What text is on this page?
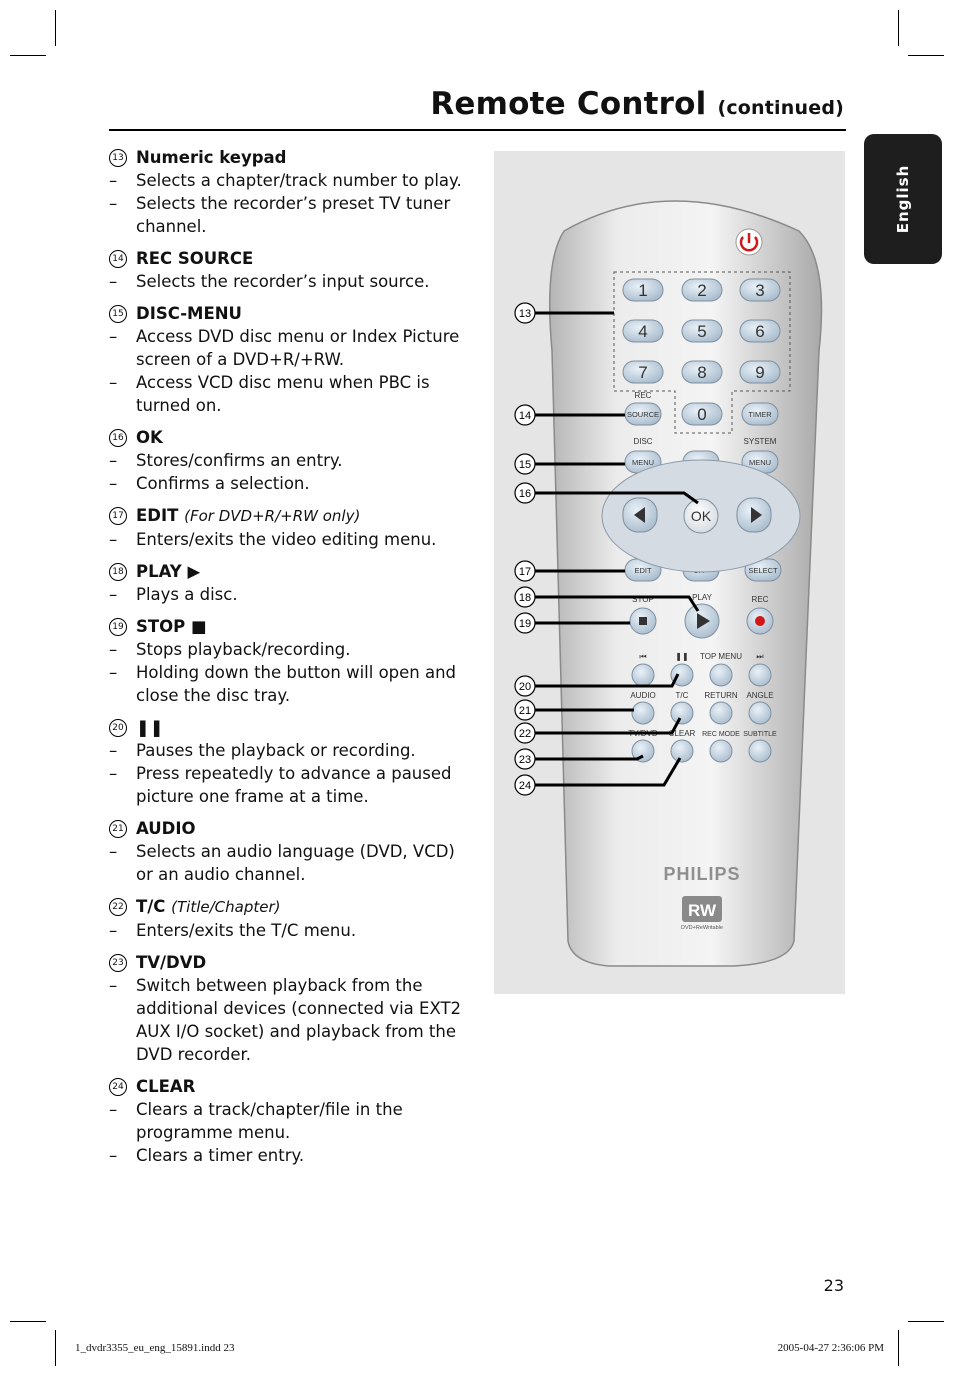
Remote Control (continued)
English
13 Numeric keypad
– Selects a chapter/track number to play.
– Selects the recorder’s preset TV tuner channel.
14 REC SOURCE
– Selects the recorder’s input source.
15 DISC-MENU
– Access DVD disc menu or Index Picture screen of a DVD+R/+RW.
– Access VCD disc menu when PBC is turned on.
16 OK
– Stores/confirms an entry.
– Confirms a selection.
17 EDIT (For DVD+R/+RW only)
– Enters/exits the video editing menu.
18 PLAY ▶
– Plays a disc.
19 STOP ■
– Stops playback/recording.
– Holding down the button will open and close the disc tray.
20 ❚❚
– Pauses the playback or recording.
– Press repeatedly to advance a paused picture one frame at a time.
21 AUDIO
– Selects an audio language (DVD, VCD) or an audio channel.
22 T/C (Title/Chapter)
– Enters/exits the T/C menu.
23 TV/DVD
– Switch between playback from the additional devices (connected via EXT2 AUX I/O socket) and playback from the DVD recorder.
24 CLEAR
– Clears a track/chapter/file in the programme menu.
– Clears a timer entry.
1	2	3
4	5	6
7	8	9
0
SOURCE	TIMER
MENU	MENU
EDIT	SELECT
OK
REC
DISC	SYSTEM
STOP	PLAY	REC
TOP MENU
AUDIO T/C RETURN ANGLE
TV/DVD CLEAR REC MODE SUBTITLE
⏮	❚❚	⏭
PHILIPS
RW
DVD+ReWritable
13
14
15
16
17
18
19
20
21
22
23
24
23
1_dvdr3355_eu_eng_15891.indd 23	2005-04-27 2:36:06 PM
